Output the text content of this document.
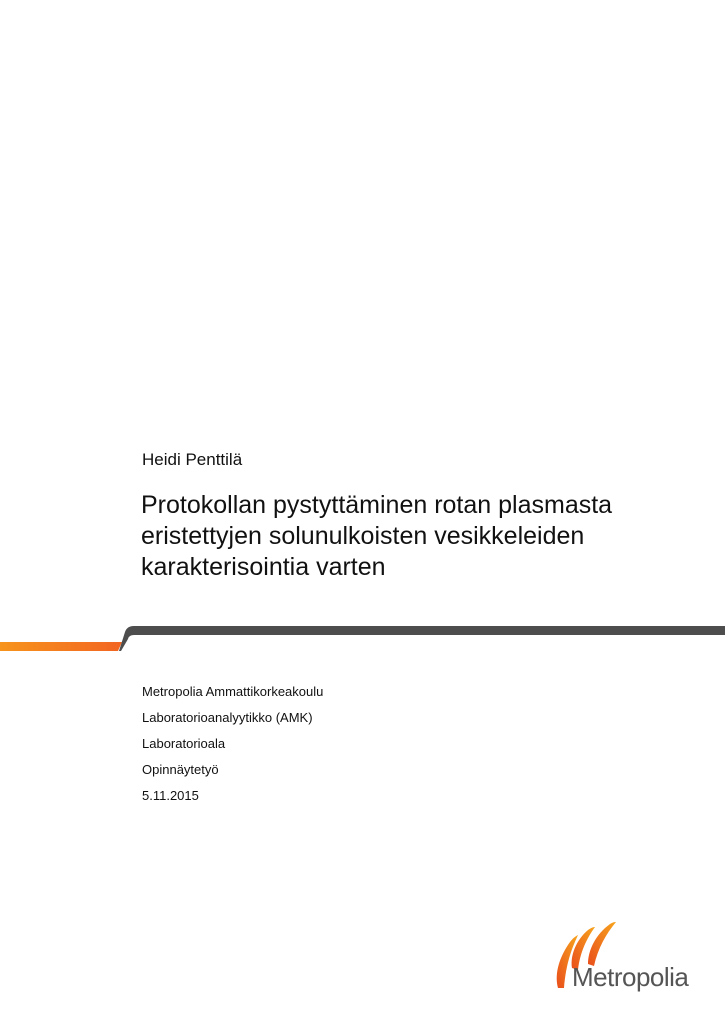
Heidi Penttilä
Protokollan pystyttäminen rotan plasmasta
eristettyjen solunulkoisten vesikkeleiden
karakterisointia varten
Metropolia Ammattikorkeakoulu
Laboratorioanalyytikko (AMK)
Laboratorioala
Opinnäytetyö
5.11.2015
Metropolia
